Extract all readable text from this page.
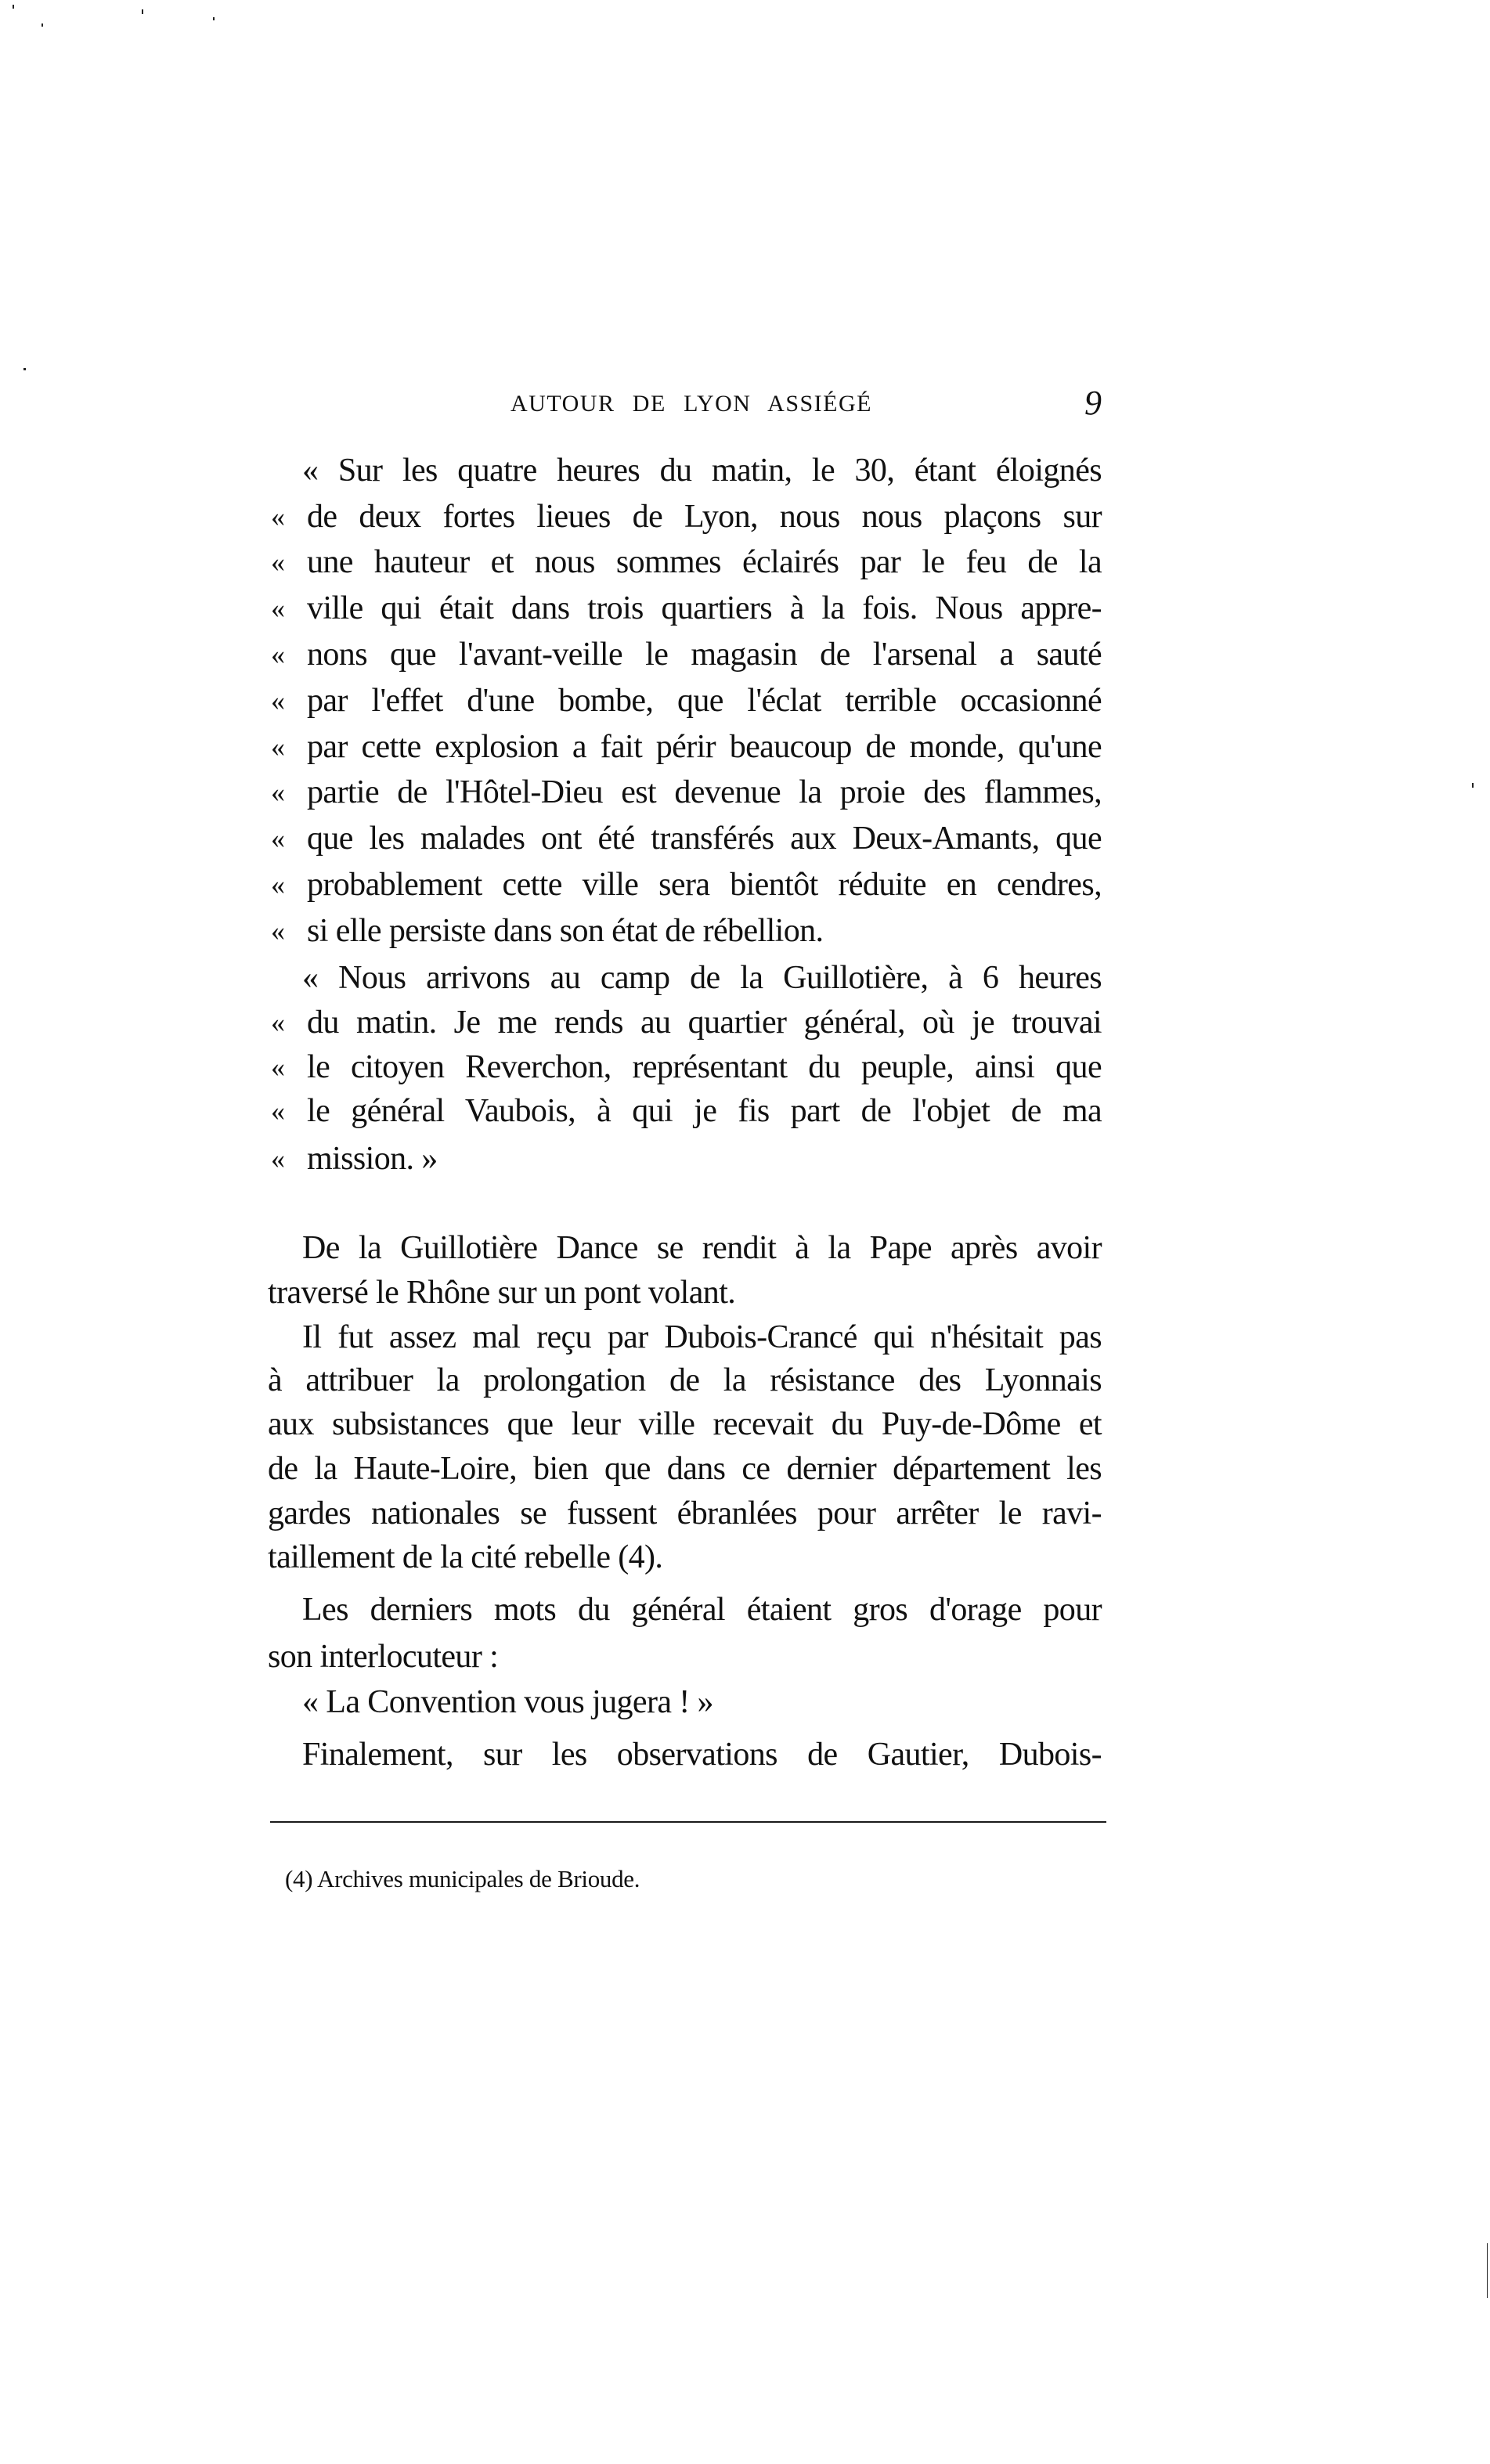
AUTOUR DE LYON ASSIÉGÉ	9
« Sur les quatre heures du matin, le 30, étant éloignés
« de deux fortes lieues de Lyon, nous nous plaçons sur
« une hauteur et nous sommes éclairés par le feu de la
« ville qui était dans trois quartiers à la fois. Nous appre-
« nons que l'avant-veille le magasin de l'arsenal a sauté
« par l'effet d'une bombe, que l'éclat terrible occasionné
« par cette explosion a fait périr beaucoup de monde, qu'une
« partie de l'Hôtel-Dieu est devenue la proie des flammes,
« que les malades ont été transférés aux Deux-Amants, que
« probablement cette ville sera bientôt réduite en cendres,
« si elle persiste dans son état de rébellion.
« Nous arrivons au camp de la Guillotière, à 6 heures
« du matin. Je me rends au quartier général, où je trouvai
« le citoyen Reverchon, représentant du peuple, ainsi que
« le général Vaubois, à qui je fis part de l'objet de ma
« mission. »
De la Guillotière Dance se rendit à la Pape après avoir
traversé le Rhône sur un pont volant.
Il fut assez mal reçu par Dubois-Crancé qui n'hésitait pas
à attribuer la prolongation de la résistance des Lyonnais
aux subsistances que leur ville recevait du Puy-de-Dôme et
de la Haute-Loire, bien que dans ce dernier département les
gardes nationales se fussent ébranlées pour arrêter le ravi-
taillement de la cité rebelle (4).
Les derniers mots du général étaient gros d'orage pour
son interlocuteur :
« La Convention vous jugera ! »
Finalement, sur les observations de Gautier, Dubois-
(4) Archives municipales de Brioude.
